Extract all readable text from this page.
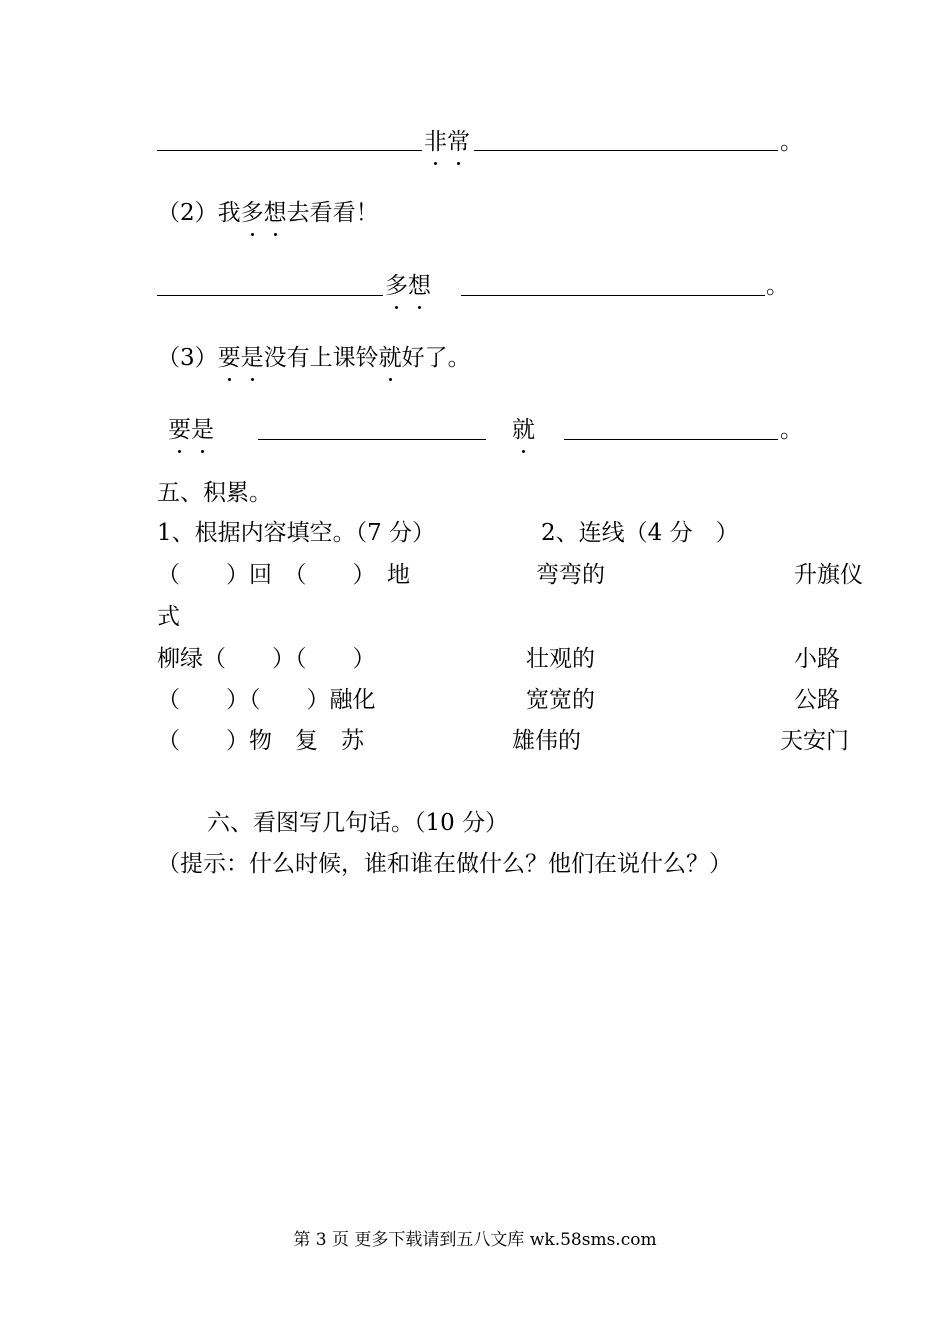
非常	。
（2）我多想去看看！
多想	。
（3）要是没有上课铃就好了。
要是	就	。
五、积累。
1、根据内容填空。（7 分）	2、连线（4 分　）
（　　）回　（　　）　地	弯弯的	升旗仪
式
柳绿（　　）（　　）	壮观的	小路
（　　）（　　）融化	宽宽的	公路
（　　）物　复　苏	雄伟的	天安门
六、看图写几句话。（10 分）
（提示：什么时候，谁和谁在做什么？他们在说什么？）
第 3 页 更多下载请到五八文库 wk.58sms.com
